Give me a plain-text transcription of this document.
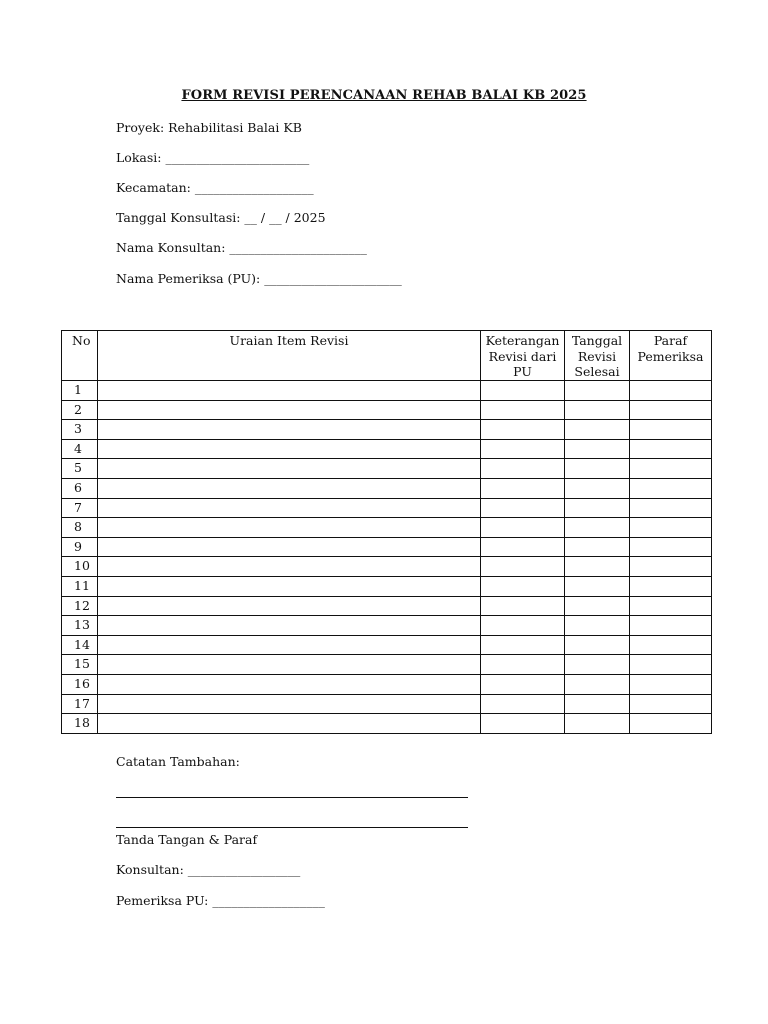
FORM REVISI PERENCANAAN REHAB BALAI KB 2025
Proyek: Rehabilitasi Balai KB
Lokasi: _______________________
Kecamatan: ___________________
Tanggal Konsultasi: __ / __ / 2025
Nama Konsultan: ______________________
Nama Pemeriksa (PU): ______________________
No	Uraian Item Revisi	Keterangan Revisi dari PU	Tanggal Revisi Selesai	Paraf Pemeriksa
1				
2				
3				
4				
5				
6				
7				
8				
9				
10				
11				
12				
13				
14				
15				
16				
17				
18				
Catatan Tambahan:
Tanda Tangan & Paraf
Konsultan: __________________
Pemeriksa PU: __________________
